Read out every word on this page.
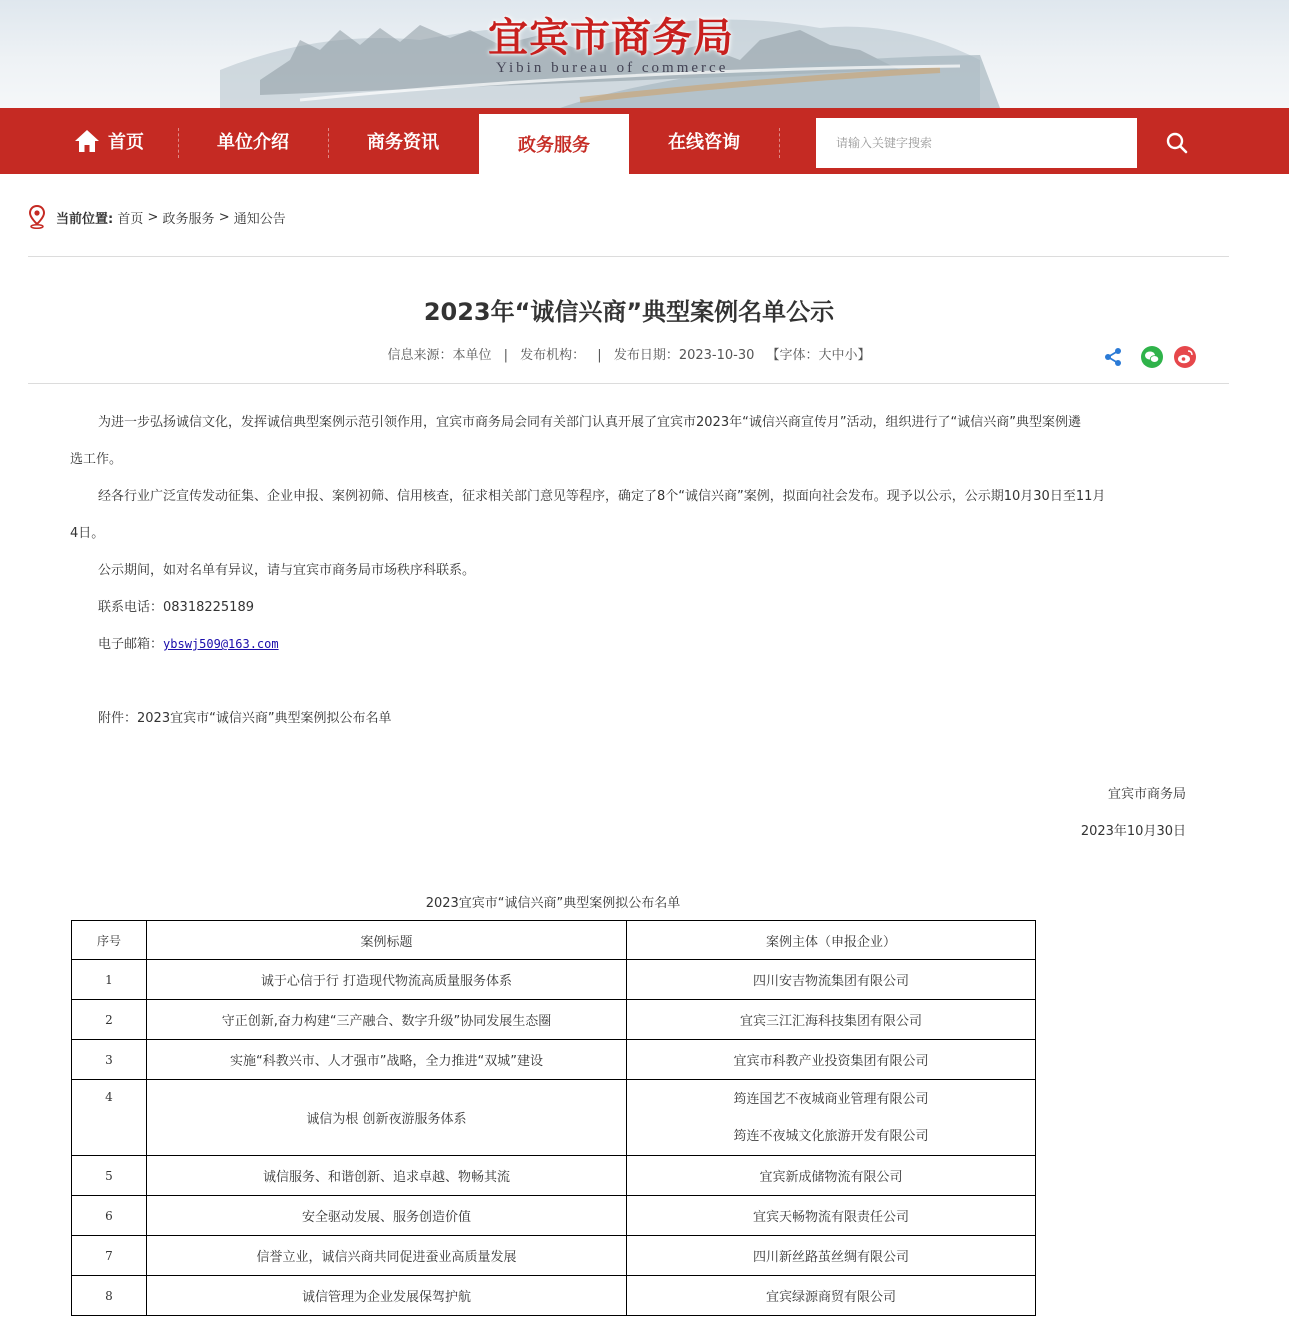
宜宾市商务局
Yibin bureau of commerce
首页	单位介绍	商务资讯	政务服务	在线咨询
请输入关键字搜索
当前位置:
首页
>
政务服务
>
通知公告
2023年“诚信兴商”典型案例名单公示
信息来源：本单位 | 发布机构： | 发布日期：2023-10-30 【字体：大中小】
为进一步弘扬诚信文化，发挥诚信典型案例示范引领作用，宜宾市商务局会同有关部门认真开展了宜宾市2023年“诚信兴商宣传月”活动，组织进行了“诚信兴商”典型案例遴
选工作。
经各行业广泛宣传发动征集、企业申报、案例初筛、信用核查，征求相关部门意见等程序，确定了8个“诚信兴商”案例，拟面向社会发布。现予以公示，公示期10月30日至11月
4日。
公示期间，如对名单有异议，请与宜宾市商务局市场秩序科联系。
联系电话：08318225189
电子邮箱：ybswj509@163.com
附件：2023宜宾市“诚信兴商”典型案例拟公布名单
宜宾市商务局
2023年10月30日
2023宜宾市“诚信兴商”典型案例拟公布名单
序号	案例标题	案例主体（申报企业）
1	诚于心信于行 打造现代物流高质量服务体系	四川安吉物流集团有限公司
2	守正创新,奋力构建“三产融合、数字升级”协同发展生态圈	宜宾三江汇海科技集团有限公司
3	实施“科教兴市、人才强市”战略，全力推进“双城”建设	宜宾市科教产业投资集团有限公司
4	诚信为根 创新夜游服务体系	筠连国艺不夜城商业管理有限公司
筠连不夜城文化旅游开发有限公司

5	诚信服务、和谐创新、追求卓越、物畅其流	宜宾新成储物流有限公司
6	安全驱动发展、服务创造价值	宜宾天畅物流有限责任公司
7	信誉立业，诚信兴商共同促进蚕业高质量发展	四川新丝路茧丝绸有限公司
8	诚信管理为企业发展保驾护航	宜宾绿源商贸有限公司
